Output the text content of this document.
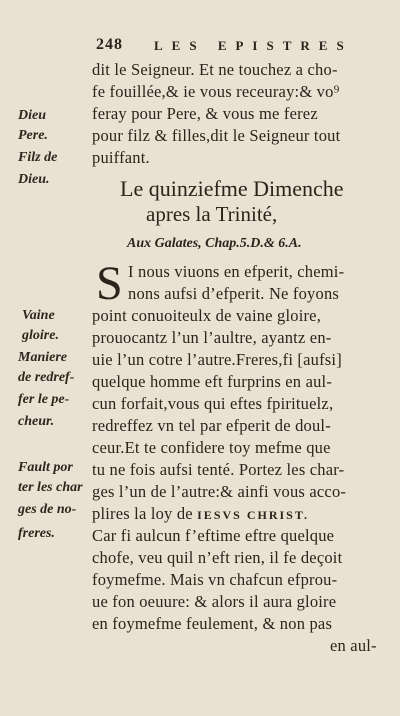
248 LES EPISTRES
dit le Seigneur. Et ne touchez a cho-
fe fouillée,& ie vous receuray:& vo⁹
feray pour Pere, & vous me ferez
pour filz & filles,dit le Seigneur tout
puiffant.
Dieu
Pere.
Filz de
Dieu.	Le quinziefme Dimenche
apres la Trinité,
Aux Galates, Chap.5.D.& 6.A.
S I nous viuons en efperit, chemi-
nons aufsi d’efperit. Ne foyons
point conuoiteulx de vaine gloire,
prouocantz l’un l’aultre, ayantz en-
uie l’un cotre l’autre.Freres,fi [aufsi]
quelque homme eft furprins en aul-
cun forfait,vous qui eftes fpirituelz,
redreffez vn tel par efperit de doul-
ceur.Et te confidere toy mefme que
tu ne fois aufsi tenté. Portez les char-
ges l’un de l’autre:& ainfi vous acco-
plires la loy de IESVS CHRIST.
Car fi aulcun f’eftime eftre quelque
chofe, veu quil n’eft rien, il fe deçoit
foymefme. Mais vn chafcun efprou-
ue fon oeuure: & alors il aura gloire
en foymefme feulement, & non pas
en aul-
Vaine
gloire.
Maniere
de redref-
fer le pe-
cheur.
Fault por
ter les char
ges de no-
freres.
